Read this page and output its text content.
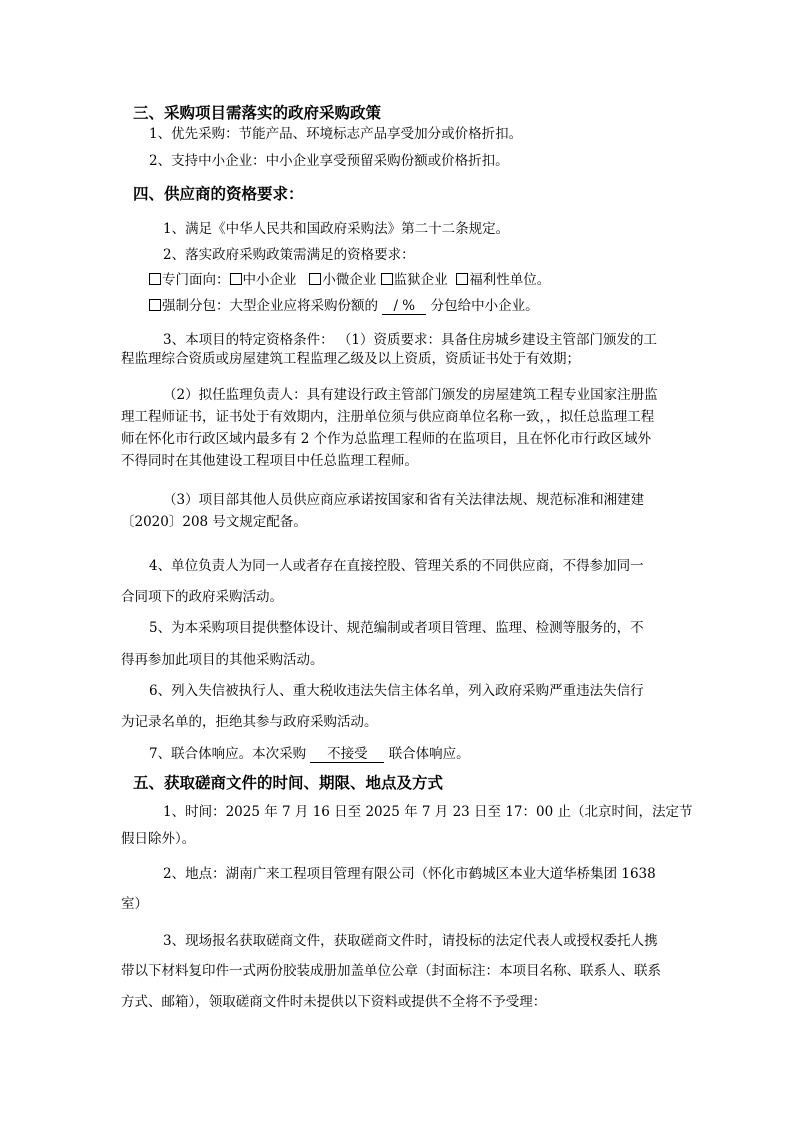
三、采购项目需落实的政府采购政策
1、优先采购：节能产品、环境标志产品享受加分或价格折扣。
2、支持中小企业：中小企业享受预留采购份额或价格折扣。
四、供应商的资格要求：
1、满足《中华人民共和国政府采购法》第二十二条规定。
2、落实政府采购政策需满足的资格要求：
专门面向： 中小企业 小微企业 监狱企业 福利性单位。
强制分包：大型企业应将采购份额的 / % 分包给中小企业。
3、本项目的特定资格条件： （1）资质要求：具备住房城乡建设主管部门颁发的工
程监理综合资质或房屋建筑工程监理乙级及以上资质，资质证书处于有效期；
（2）拟任监理负责人：具有建设行政主管部门颁发的房屋建筑工程专业国家注册监
理工程师证书，证书处于有效期内，注册单位须与供应商单位名称一致，，拟任总监理工程
师在怀化市行政区域内最多有 2 个作为总监理工程师的在监项目，且在怀化市行政区域外
不得同时在其他建设工程项目中任总监理工程师。
（3）项目部其他人员供应商应承诺按国家和省有关法律法规、规范标准和湘建建
〔2020〕208 号文规定配备。
4、单位负责人为同一人或者存在直接控股、管理关系的不同供应商，不得参加同一
合同项下的政府采购活动。
5、为本采购项目提供整体设计、规范编制或者项目管理、监理、检测等服务的，不
得再参加此项目的其他采购活动。
6、列入失信被执行人、重大税收违法失信主体名单，列入政府采购严重违法失信行
为记录名单的，拒绝其参与政府采购活动。
7、联合体响应。本次采购 不接受 联合体响应。
五、获取磋商文件的时间、期限、地点及方式
1、时间：2025 年 7 月 16 日至 2025 年 7 月 23 日至 17：00 止（北京时间，法定节
假日除外）。
2、地点：湖南广来工程项目管理有限公司（怀化市鹤城区本业大道华桥集团 1638
室）
3、现场报名获取磋商文件，获取磋商文件时，请投标的法定代表人或授权委托人携
带以下材料复印件一式两份胶装成册加盖单位公章（封面标注：本项目名称、联系人、联系
方式、邮箱），领取磋商文件时未提供以下资料或提供不全将不予受理：
